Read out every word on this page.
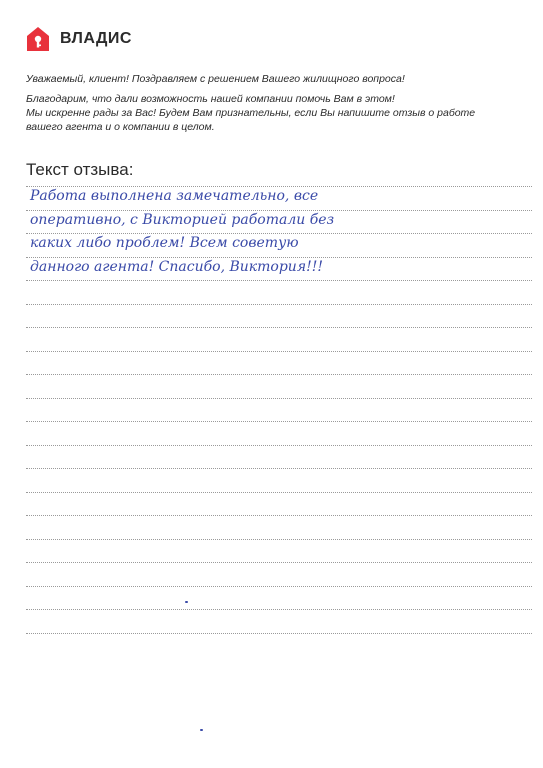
ВЛАДИС

Уважаемый, клиент! Поздравляем с решением Вашего жилищного вопроса!

Благодарим, что дали возможность нашей компании помочь Вам в этом!

Мы искренне рады за Вас! Будем Вам признательны, если Вы напишите отзыв о работе

вашего агента и о компании в целом.

Текст отзыва:
Работа выполнена замечательно, все
оперативно, с Викторией работали без
каких либо проблем! Всем советую
данного агента! Спасибо, Виктория!!!
